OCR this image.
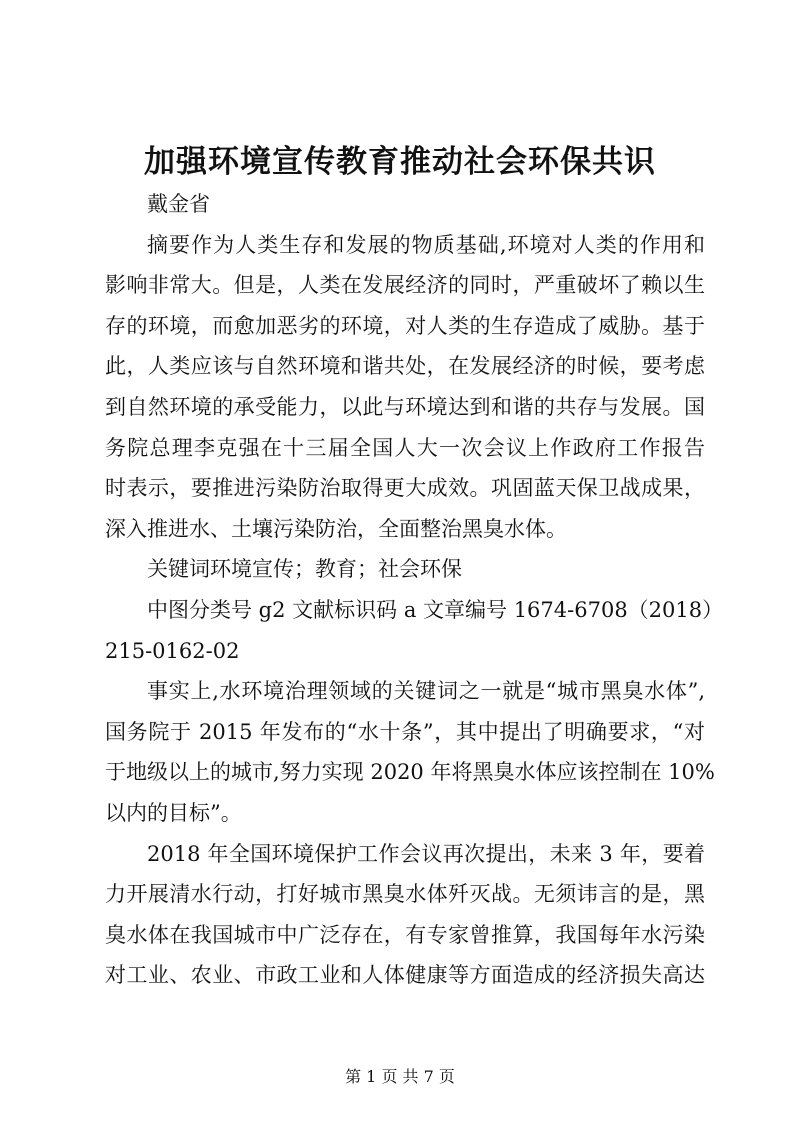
加强环境宣传教育推动社会环保共识
戴金省
摘要作为人类生存和发展的物质基础,环境对人类的作用和
影响非常大。但是，人类在发展经济的同时，严重破坏了赖以生
存的环境，而愈加恶劣的环境，对人类的生存造成了威胁。基于
此，人类应该与自然环境和谐共处，在发展经济的时候，要考虑
到自然环境的承受能力，以此与环境达到和谐的共存与发展。国
务院总理李克强在十三届全国人大一次会议上作政府工作报告
时表示，要推进污染防治取得更大成效。巩固蓝天保卫战成果，
深入推进水、土壤污染防治，全面整治黑臭水体。
关键词环境宣传；教育；社会环保
中图分类号 g2 文献标识码 a 文章编号 1674-6708（2018）
215-0162-02
事实上,水环境治理领域的关键词之一就是“城市黑臭水体”,
国务院于 2015 年发布的“水十条”，其中提出了明确要求，“对
于地级以上的城市,努力实现 2020 年将黑臭水体应该控制在 10%
以内的目标”。
2018 年全国环境保护工作会议再次提出，未来 3 年，要着
力开展清水行动，打好城市黑臭水体歼灭战。无须讳言的是，黑
臭水体在我国城市中广泛存在，有专家曾推算，我国每年水污染
对工业、农业、市政工业和人体健康等方面造成的经济损失高达
第 1 页 共 7 页
